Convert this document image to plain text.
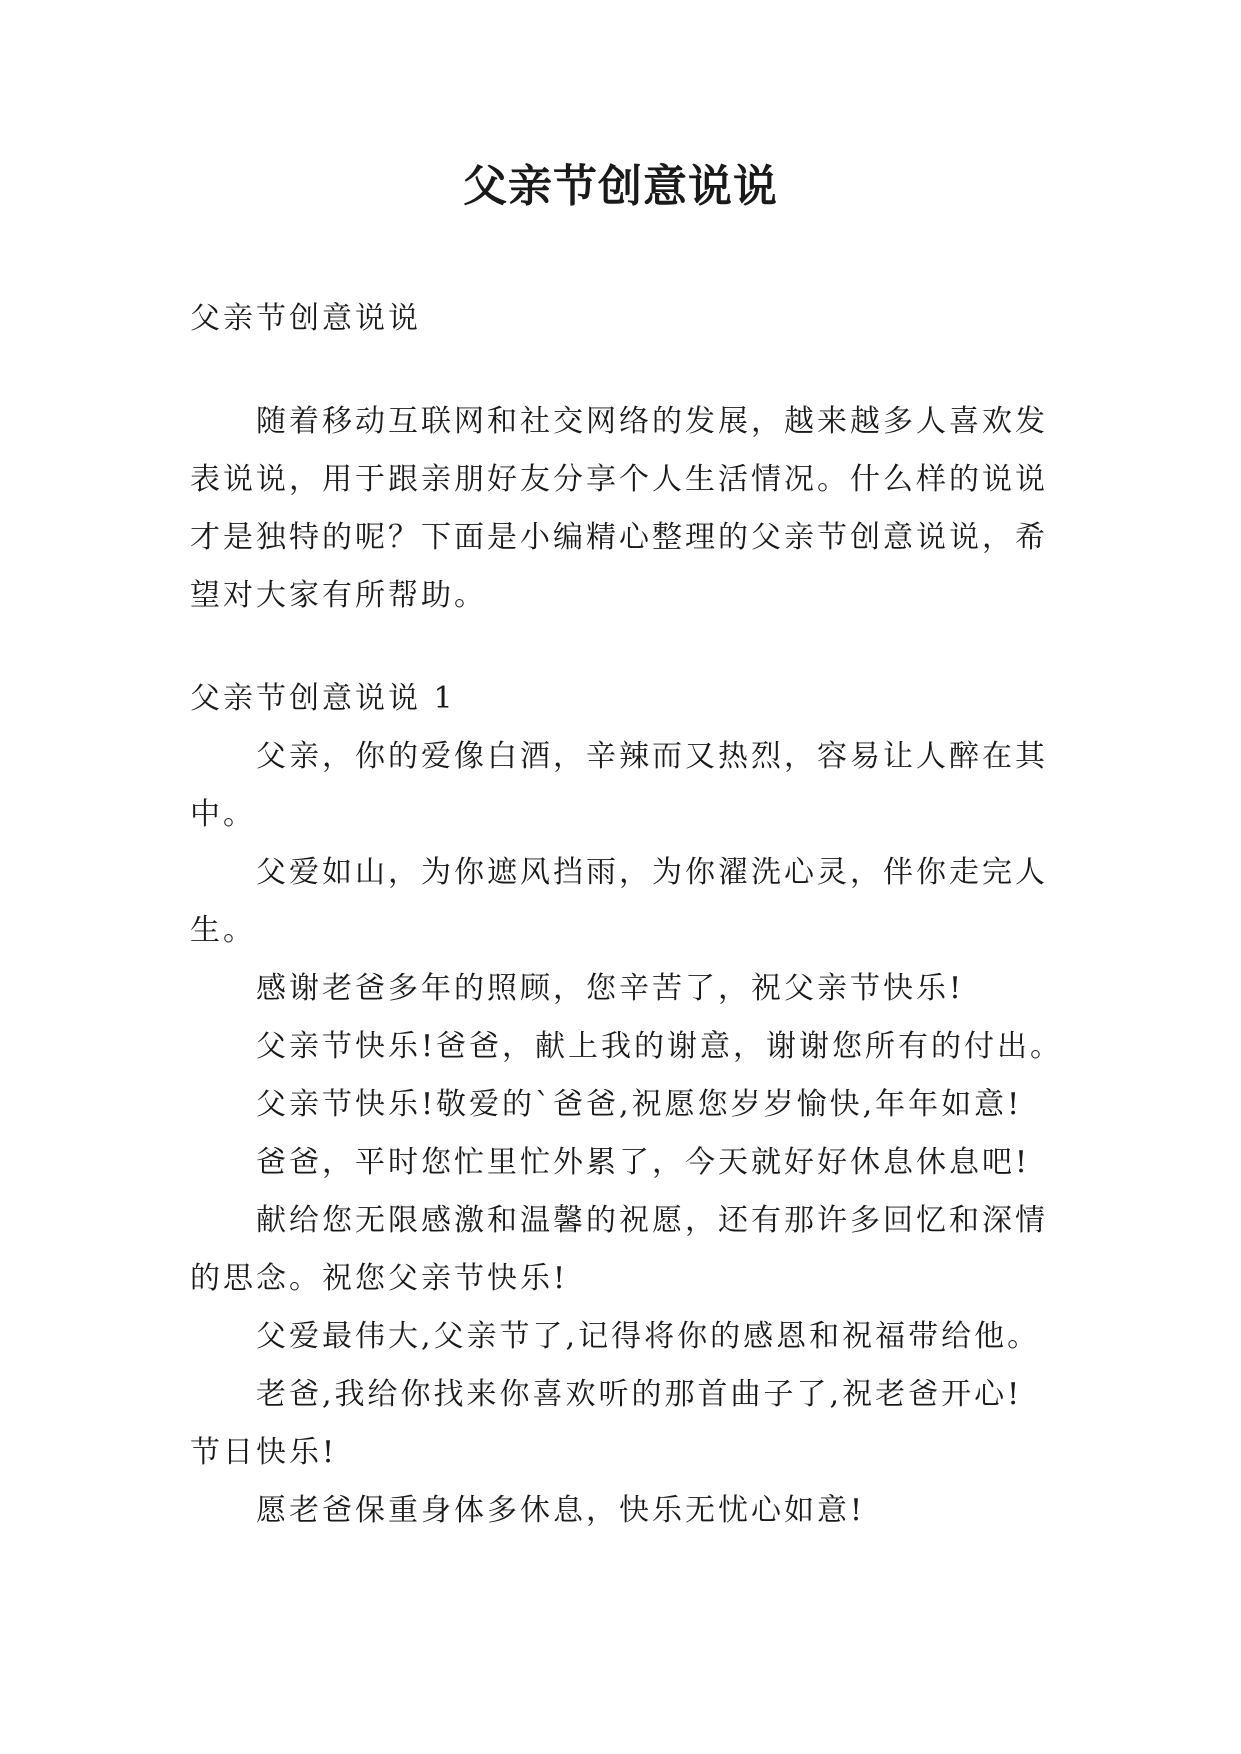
父亲节创意说说

父亲节创意说说

随着移动互联网和社交网络的发展，越来越多人喜欢发

表说说，用于跟亲朋好友分享个人生活情况。什么样的说说

才是独特的呢？下面是小编精心整理的父亲节创意说说，希

望对大家有所帮助。

父亲节创意说说 1

父亲，你的爱像白酒，辛辣而又热烈，容易让人醉在其

中。

父爱如山，为你遮风挡雨，为你濯洗心灵，伴你走完人

生。

感谢老爸多年的照顾，您辛苦了，祝父亲节快乐!

父亲节快乐!爸爸，献上我的谢意，谢谢您所有的付出。

父亲节快乐!敬爱的`爸爸,祝愿您岁岁愉快,年年如意!

爸爸，平时您忙里忙外累了，今天就好好休息休息吧!

献给您无限感激和温馨的祝愿，还有那许多回忆和深情

的思念。祝您父亲节快乐!

父爱最伟大,父亲节了,记得将你的感恩和祝福带给他。

老爸,我给你找来你喜欢听的那首曲子了,祝老爸开心!

节日快乐!

愿老爸保重身体多休息，快乐无忧心如意!
